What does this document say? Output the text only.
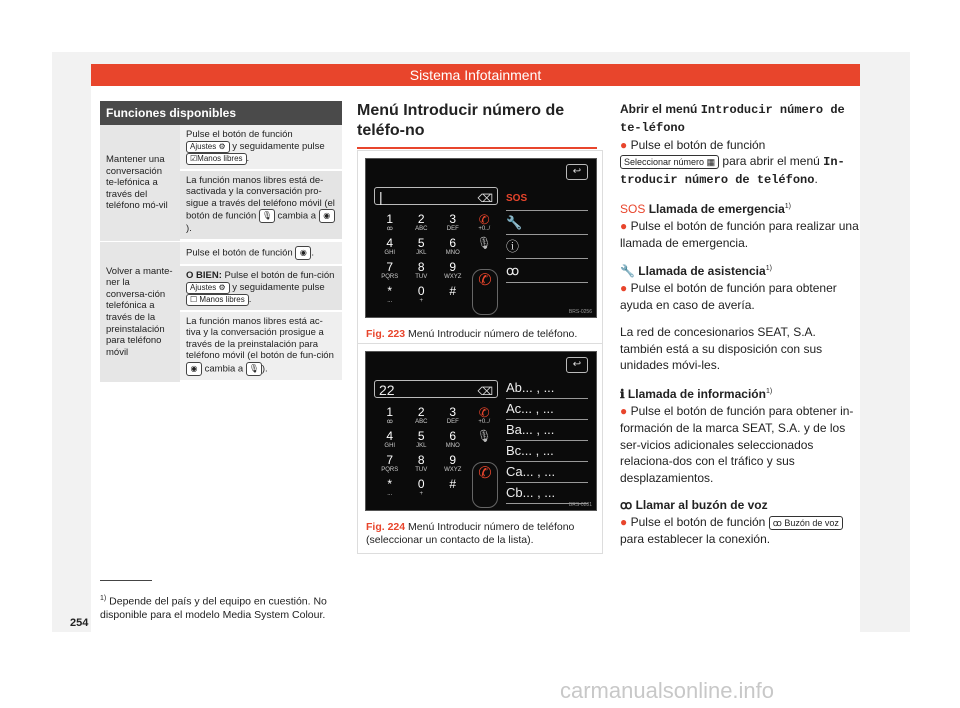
Sistema Infotainment
Funciones disponibles
Mantener una conversación te-lefónica a través del teléfono mó-vil
Pulse el botón de función Ajustes ⚙ y seguidamente pulse ☑Manos libres .
La función manos libres está de-sactivada y la conversación pro-sigue a través del teléfono móvil (el botón de función 🎙 cambia a ◉).
Volver a mante-ner la conversa-ción telefónica a través de la preinstalación para teléfono móvil
Pulse el botón de función ◉ .
O BIEN: Pulse el botón de fun-ción Ajustes ⚙ y seguidamente pulse ☐ Manos libres .
La función manos libres está ac-tiva y la conversación prosigue a través de la preinstalación para teléfono móvil (el botón de fun-ción ◉ cambia a 🎙 ).
Menú Introducir número de teléfo-no
↩
|	⌫
1
ꝏ
2
ABC
3
DEF
✆
+0../
4
GHI
5
JKL
6
MNO
🎙
7
PQRS
8
TUV
9
WXYZ
*
...
0
+
#
✆
SOS
🔧
ⓘ
ꝏ
BRS-0256
Fig. 223 Menú Introducir número de teléfono.
↩
22	⌫
1
ꝏ
2
ABC
3
DEF
✆
+0../
4
GHI
5
JKL
6
MNO
🎙
7
PQRS
8
TUV
9
WXYZ
*
...
0
+
#
✆
Ab... , ...
Ac... , ...
Ba... , ...
Bc... , ...
Ca... , ...
Cb... , ...
BRS-0281
Fig. 224 Menú Introducir número de teléfono (seleccionar un contacto de la lista).

Abrir el menú Introducir número de te-léfono
● Pulse el botón de función
Seleccionar número ▦ para abrir el menú In-troducir número de teléfono.

SOS Llamada de emergencia$^{1)}$
● Pulse el botón de función para realizar una llamada de emergencia.

🔧 Llamada de asistencia$^{1)}$
● Pulse el botón de función para obtener ayuda en caso de avería.

La red de concesionarios SEAT, S.A. también está a su disposición con sus unidades móvi-les.

ℹ Llamada de información$^{1)}$
● Pulse el botón de función para obtener in-formación de la marca SEAT, S.A. y de los ser-vicios adicionales seleccionados relaciona-dos con el tráfico y sus desplazamientos.

ꝏ Llamar al buzón de voz
● Pulse el botón de función ꝏ Buzón de voz para establecer la conexión.

$^{1)}$ Depende del país y del equipo en cuestión. No disponible para el modelo Media System Colour.
254
carmanualsonline.info
